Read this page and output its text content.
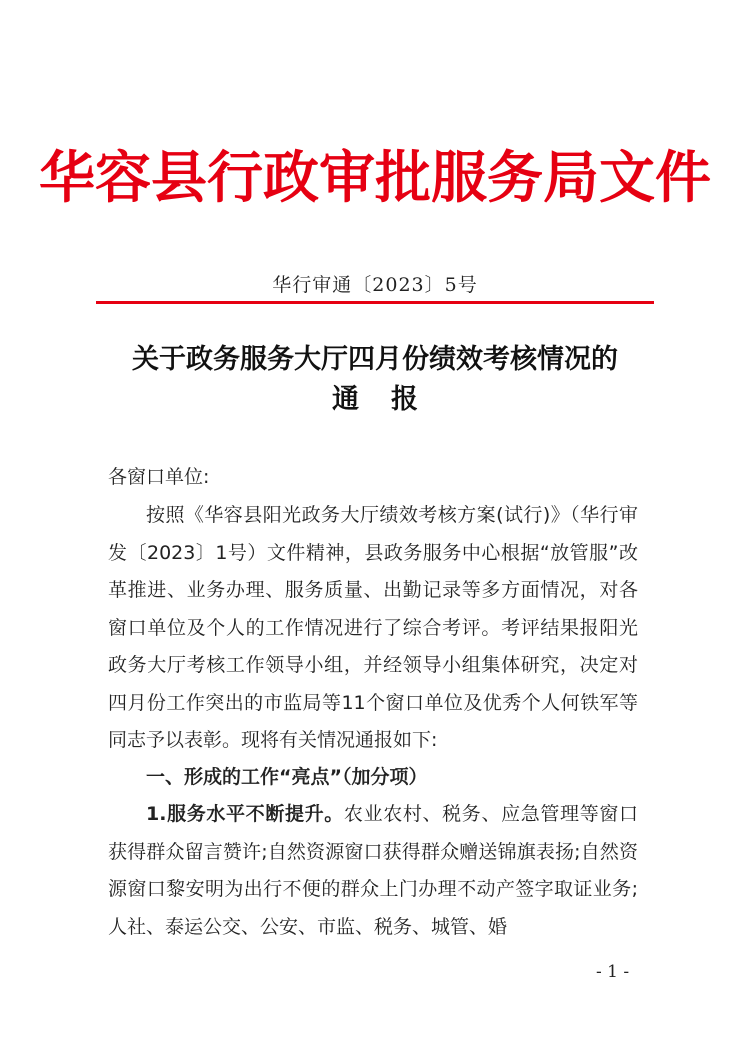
华容县行政审批服务局文件
华行审通〔2023〕5号
关于政务服务大厅四月份绩效考核情况的
通报
各窗口单位:
按照《华容县阳光政务大厅绩效考核方案(试行)》（华行审发〔2023〕1号）文件精神，县政务服务中心根据“放管服”改革推进、业务办理、服务质量、出勤记录等多方面情况，对各窗口单位及个人的工作情况进行了综合考评。考评结果报阳光政务大厅考核工作领导小组，并经领导小组集体研究，决定对四月份工作突出的市监局等11个窗口单位及优秀个人何铁军等同志予以表彰。现将有关情况通报如下:
一、形成的工作“亮点”（加分项）
1.服务水平不断提升。农业农村、税务、应急管理等窗口获得群众留言赞许;自然资源窗口获得群众赠送锦旗表扬;自然资源窗口黎安明为出行不便的群众上门办理不动产签字取证业务;人社、泰运公交、公安、市监、税务、城管、婚
- 1 -
